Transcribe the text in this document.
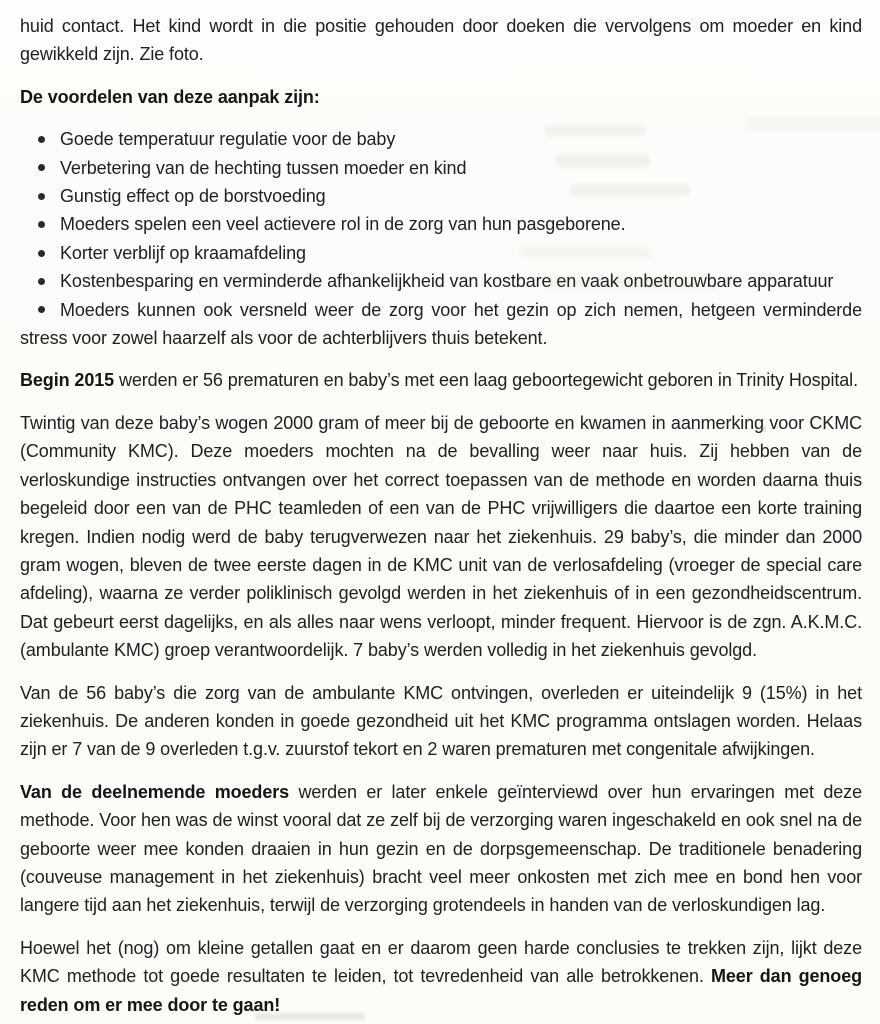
huid contact. Het kind wordt in die positie gehouden door doeken die vervolgens om moeder en kind gewikkeld zijn. Zie foto.

De voordelen van deze aanpak zijn:
Goede temperatuur regulatie voor de baby
Verbetering van de hechting tussen moeder en kind
Gunstig effect op de borstvoeding
Moeders spelen een veel actievere rol in de zorg van hun pasgeborene.
Korter verblijf op kraamafdeling
Kostenbesparing en verminderde afhankelijkheid van kostbare en vaak onbetrouwbare apparatuur
Moeders kunnen ook versneld weer de zorg voor het gezin op zich nemen, hetgeen verminderde stress voor zowel haarzelf als voor de achterblijvers thuis betekent.

Begin 2015 werden er 56 prematuren en baby’s met een laag geboortegewicht geboren in Trinity Hospital.

Twintig van deze baby’s wogen 2000 gram of meer bij de geboorte en kwamen in aanmerking voor CKMC (Community KMC). Deze moeders mochten na de bevalling weer naar huis. Zij hebben van de verloskundige instructies ontvangen over het correct toepassen van de methode en worden daarna thuis begeleid door een van de PHC teamleden of een van de PHC vrijwilligers die daartoe een korte training kregen. Indien nodig werd de baby terugverwezen naar het ziekenhuis. 29 baby’s, die minder dan 2000 gram wogen, bleven de twee eerste dagen in de KMC unit van de verlosafdeling (vroeger de special care afdeling), waarna ze verder poliklinisch gevolgd werden in het ziekenhuis of in een gezondheidscentrum. Dat gebeurt eerst dagelijks, en als alles naar wens verloopt, minder frequent. Hiervoor is de zgn. A.K.M.C. (ambulante KMC) groep verantwoordelijk. 7 baby’s werden volledig in het ziekenhuis gevolgd.

Van de 56 baby’s die zorg van de ambulante KMC ontvingen, overleden er uiteindelijk 9 (15%) in het ziekenhuis. De anderen konden in goede gezondheid uit het KMC programma ontslagen worden. Helaas zijn er 7 van de 9 overleden t.g.v. zuurstof tekort en 2 waren prematuren met congenitale afwijkingen.

Van de deelnemende moeders werden er later enkele geïnterviewd over hun ervaringen met deze methode. Voor hen was de winst vooral dat ze zelf bij de verzorging waren ingeschakeld en ook snel na de geboorte weer mee konden draaien in hun gezin en de dorpsgemeenschap. De traditionele benadering (couveuse management in het ziekenhuis) bracht veel meer onkosten met zich mee en bond hen voor langere tijd aan het ziekenhuis, terwijl de verzorging grotendeels in handen van de verloskundigen lag.

Hoewel het (nog) om kleine getallen gaat en er daarom geen harde conclusies te trekken zijn, lijkt deze KMC methode tot goede resultaten te leiden, tot tevredenheid van alle betrokkenen. Meer dan genoeg reden om er mee door te gaan!
